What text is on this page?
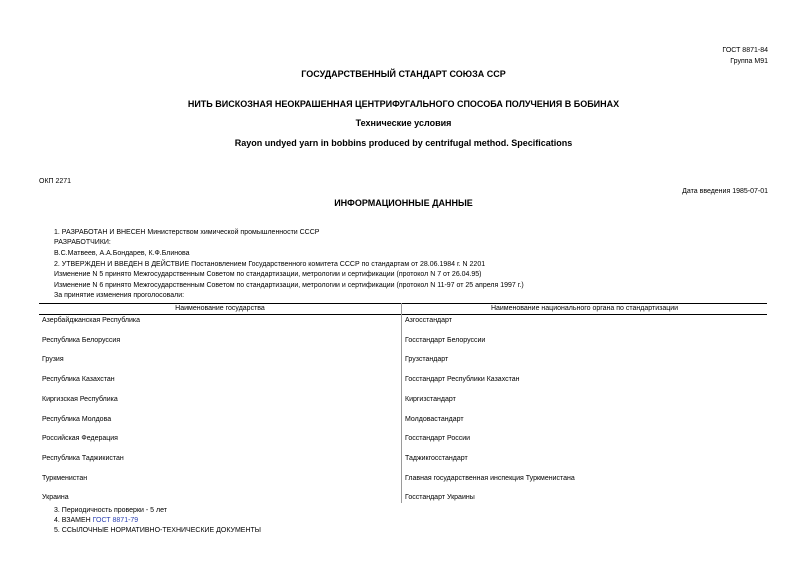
ГОСТ 8871-84
Группа М91
ГОСУДАРСТВЕННЫЙ СТАНДАРТ СОЮЗА ССР
НИТЬ ВИСКОЗНАЯ НЕОКРАШЕННАЯ ЦЕНТРИФУГАЛЬНОГО СПОСОБА ПОЛУЧЕНИЯ В БОБИНАХ
Технические условия
Rayon undyed yarn in bobbins produced by centrifugal method. Specifications
ОКП 2271
Дата введения 1985-07-01
ИНФОРМАЦИОННЫЕ ДАННЫЕ
1. РАЗРАБОТАН И ВНЕСЕН Министерством химической промышленности СССР
РАЗРАБОТЧИКИ:
В.С.Матвеев, А.А.Бондарев, К.Ф.Блинова
2. УТВЕРЖДЕН И ВВЕДЕН В ДЕЙСТВИЕ Постановлением Государственного комитета СССР по стандартам от 28.06.1984 г. N 2201
Изменение N 5 принято Межгосударственным Советом по стандартизации, метрологии и сертификации (протокол N 7 от 26.04.95)
Изменение N 6 принято Межгосударственным Советом по стандартизации, метрологии и сертификации (протокол N 11-97 от 25 апреля 1997 г.)
За принятие изменения проголосовали:
Наименование государства	Наименование национального органа по стандартизации
Азербайджанская Республика	Азгосстандарт
Республика Белоруссия	Госстандарт Белоруссии
Грузия	Грузстандарт
Республика Казахстан	Госстандарт Республики Казахстан
Киргизская Республика	Киргизстандарт
Республика Молдова	Молдовастандарт
Российская Федерация	Госстандарт России
Республика Таджикистан	Таджикгосстандарт
Туркменистан	Главная государственная инспекция Туркменистана
Украина	Госстандарт Украины
3. Периодичность проверки - 5 лет
4. ВЗАМЕН ГОСТ 8871-79
5. ССЫЛОЧНЫЕ НОРМАТИВНО-ТЕХНИЧЕСКИЕ ДОКУМЕНТЫ
